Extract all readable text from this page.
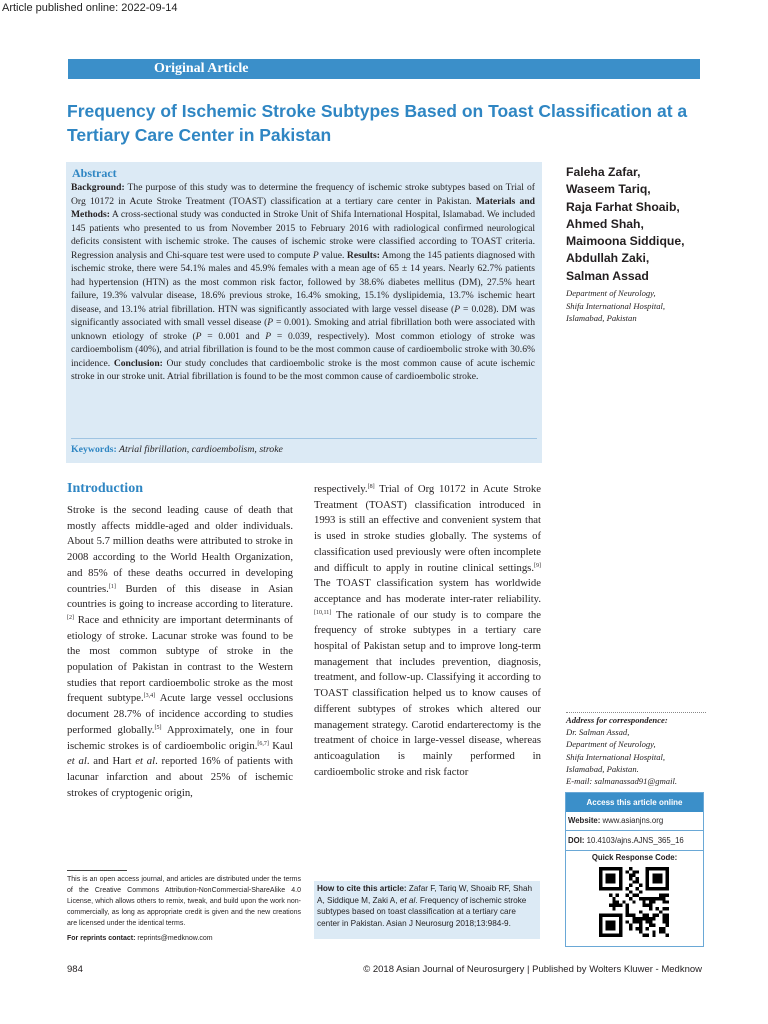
Article published online: 2022-09-14
Original Article
Frequency of Ischemic Stroke Subtypes Based on Toast Classification at a Tertiary Care Center in Pakistan
Abstract
Background: The purpose of this study was to determine the frequency of ischemic stroke subtypes based on Trial of Org 10172 in Acute Stroke Treatment (TOAST) classification at a tertiary care center in Pakistan. Materials and Methods: A cross-sectional study was conducted in Stroke Unit of Shifa International Hospital, Islamabad. We included 145 patients who presented to us from November 2015 to February 2016 with radiological confirmed neurological deficits consistent with ischemic stroke. The causes of ischemic stroke were classified according to TOAST criteria. Regression analysis and Chi-square test were used to compute P value. Results: Among the 145 patients diagnosed with ischemic stroke, there were 54.1% males and 45.9% females with a mean age of 65 ± 14 years. Nearly 62.7% patients had hypertension (HTN) as the most common risk factor, followed by 38.6% diabetes mellitus (DM), 27.5% heart failure, 19.3% valvular disease, 18.6% previous stroke, 16.4% smoking, 15.1% dyslipidemia, 13.7% ischemic heart disease, and 13.1% atrial fibrillation. HTN was significantly associated with large vessel disease (P = 0.028). DM was significantly associated with small vessel disease (P = 0.001). Smoking and atrial fibrillation both were associated with unknown etiology of stroke (P = 0.001 and P = 0.039, respectively). Most common etiology of stroke was cardioembolism (40%), and atrial fibrillation is found to be the most common cause of cardioembolic stroke with 30.6% incidence. Conclusion: Our study concludes that cardioembolic stroke is the most common cause of acute ischemic stroke in our stroke unit. Atrial fibrillation is found to be the most common cause of cardioembolic stroke.
Keywords: Atrial fibrillation, cardioembolism, stroke
Faleha Zafar,
Waseem Tariq,
Raja Farhat Shoaib,
Ahmed Shah,
Maimoona Siddique,
Abdullah Zaki,
Salman Assad
Department of Neurology,
Shifa International Hospital,
Islamabad, Pakistan
Introduction
Stroke is the second leading cause of death that mostly affects middle-aged and older individuals. About 5.7 million deaths were attributed to stroke in 2008 according to the World Health Organization, and 85% of these deaths occurred in developing countries.[1] Burden of this disease in Asian countries is going to increase according to literature.[2] Race and ethnicity are important determinants of etiology of stroke. Lacunar stroke was found to be the most common subtype of stroke in the population of Pakistan in contrast to the Western studies that report cardioembolic stroke as the most frequent subtype.[3,4] Acute large vessel occlusions document 28.7% of incidence according to studies performed globally.[5] Approximately, one in four ischemic strokes is of cardioembolic origin.[6,7] Kaul et al. and Hart et al. reported 16% of patients with lacunar infarction and about 25% of ischemic strokes of cryptogenic origin,
respectively.[8] Trial of Org 10172 in Acute Stroke Treatment (TOAST) classification introduced in 1993 is still an effective and convenient system that is used in stroke studies globally. The systems of classification used previously were often incomplete and difficult to apply in routine clinical settings.[9] The TOAST classification system has worldwide acceptance and has moderate inter-rater reliability.[10,11] The rationale of our study is to compare the frequency of stroke subtypes in a tertiary care hospital of Pakistan setup and to improve long-term management that includes prevention, diagnosis, treatment, and follow-up. Classifying it according to TOAST classification helped us to know causes of different subtypes of strokes which altered our management strategy. Carotid endarterectomy is the treatment of choice in large-vessel disease, whereas anticoagulation is mainly performed in cardioembolic stroke and risk factor
This is an open access journal, and articles are distributed under the terms of the Creative Commons Attribution-NonCommercial-ShareAlike 4.0 License, which allows others to remix, tweak, and build upon the work non-commercially, as long as appropriate credit is given and the new creations are licensed under the identical terms.
For reprints contact: reprints@medknow.com
How to cite this article: Zafar F, Tariq W, Shoaib RF, Shah A, Siddique M, Zaki A, et al. Frequency of ischemic stroke subtypes based on toast classification at a tertiary care center in Pakistan. Asian J Neurosurg 2018;13:984-9.
Address for correspondence:
Dr. Salman Assad,
Department of Neurology,
Shifa International Hospital,
Islamabad, Pakistan.
E-mail: salmanassad91@gmail.
Access this article online
Website: www.asianjns.org
DOI: 10.4103/ajns.AJNS_365_16
Quick Response Code:
984	© 2018 Asian Journal of Neurosurgery | Published by Wolters Kluwer - Medknow
